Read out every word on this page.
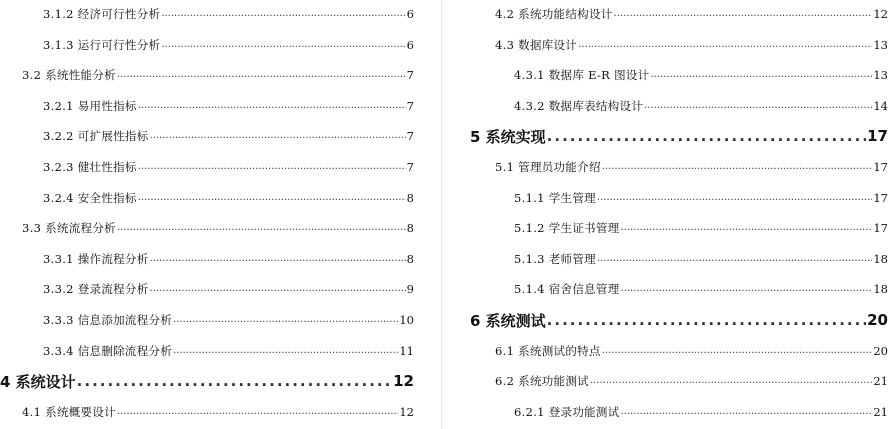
3.1.2 经济可行性分析 .....	6
3.1.3 运行可行性分析 .....	6
3.2 系统性能分析 .....	7
3.2.1 易用性指标 .....	7
3.2.2 可扩展性指标 .....	7
3.2.3 健壮性指标 .....	7
3.2.4 安全性指标 .....	8
3.3 系统流程分析 .....	8
3.3.1 操作流程分析 .....	8
3.3.2 登录流程分析 .....	9
3.3.3 信息添加流程分析 .....	10
3.3.4 信息删除流程分析 .....	11
4 系统设计 .....	12
4.1 系统概要设计 .....	12
4.2 系统功能结构设计 .....	12
4.3 数据库设计 .....	13
4.3.1 数据库 E-R 图设计 .....	13
4.3.2 数据库表结构设计 .....	14
5 系统实现 .....	17
5.1 管理员功能介绍 .....	17
5.1.1 学生管理 .....	17
5.1.2 学生证书管理 .....	17
5.1.3 老师管理 .....	18
5.1.4 宿舍信息管理 .....	18
6 系统测试 .....	20
6.1 系统测试的特点 .....	20
6.2 系统功能测试 .....	21
6.2.1 登录功能测试 .....	21
